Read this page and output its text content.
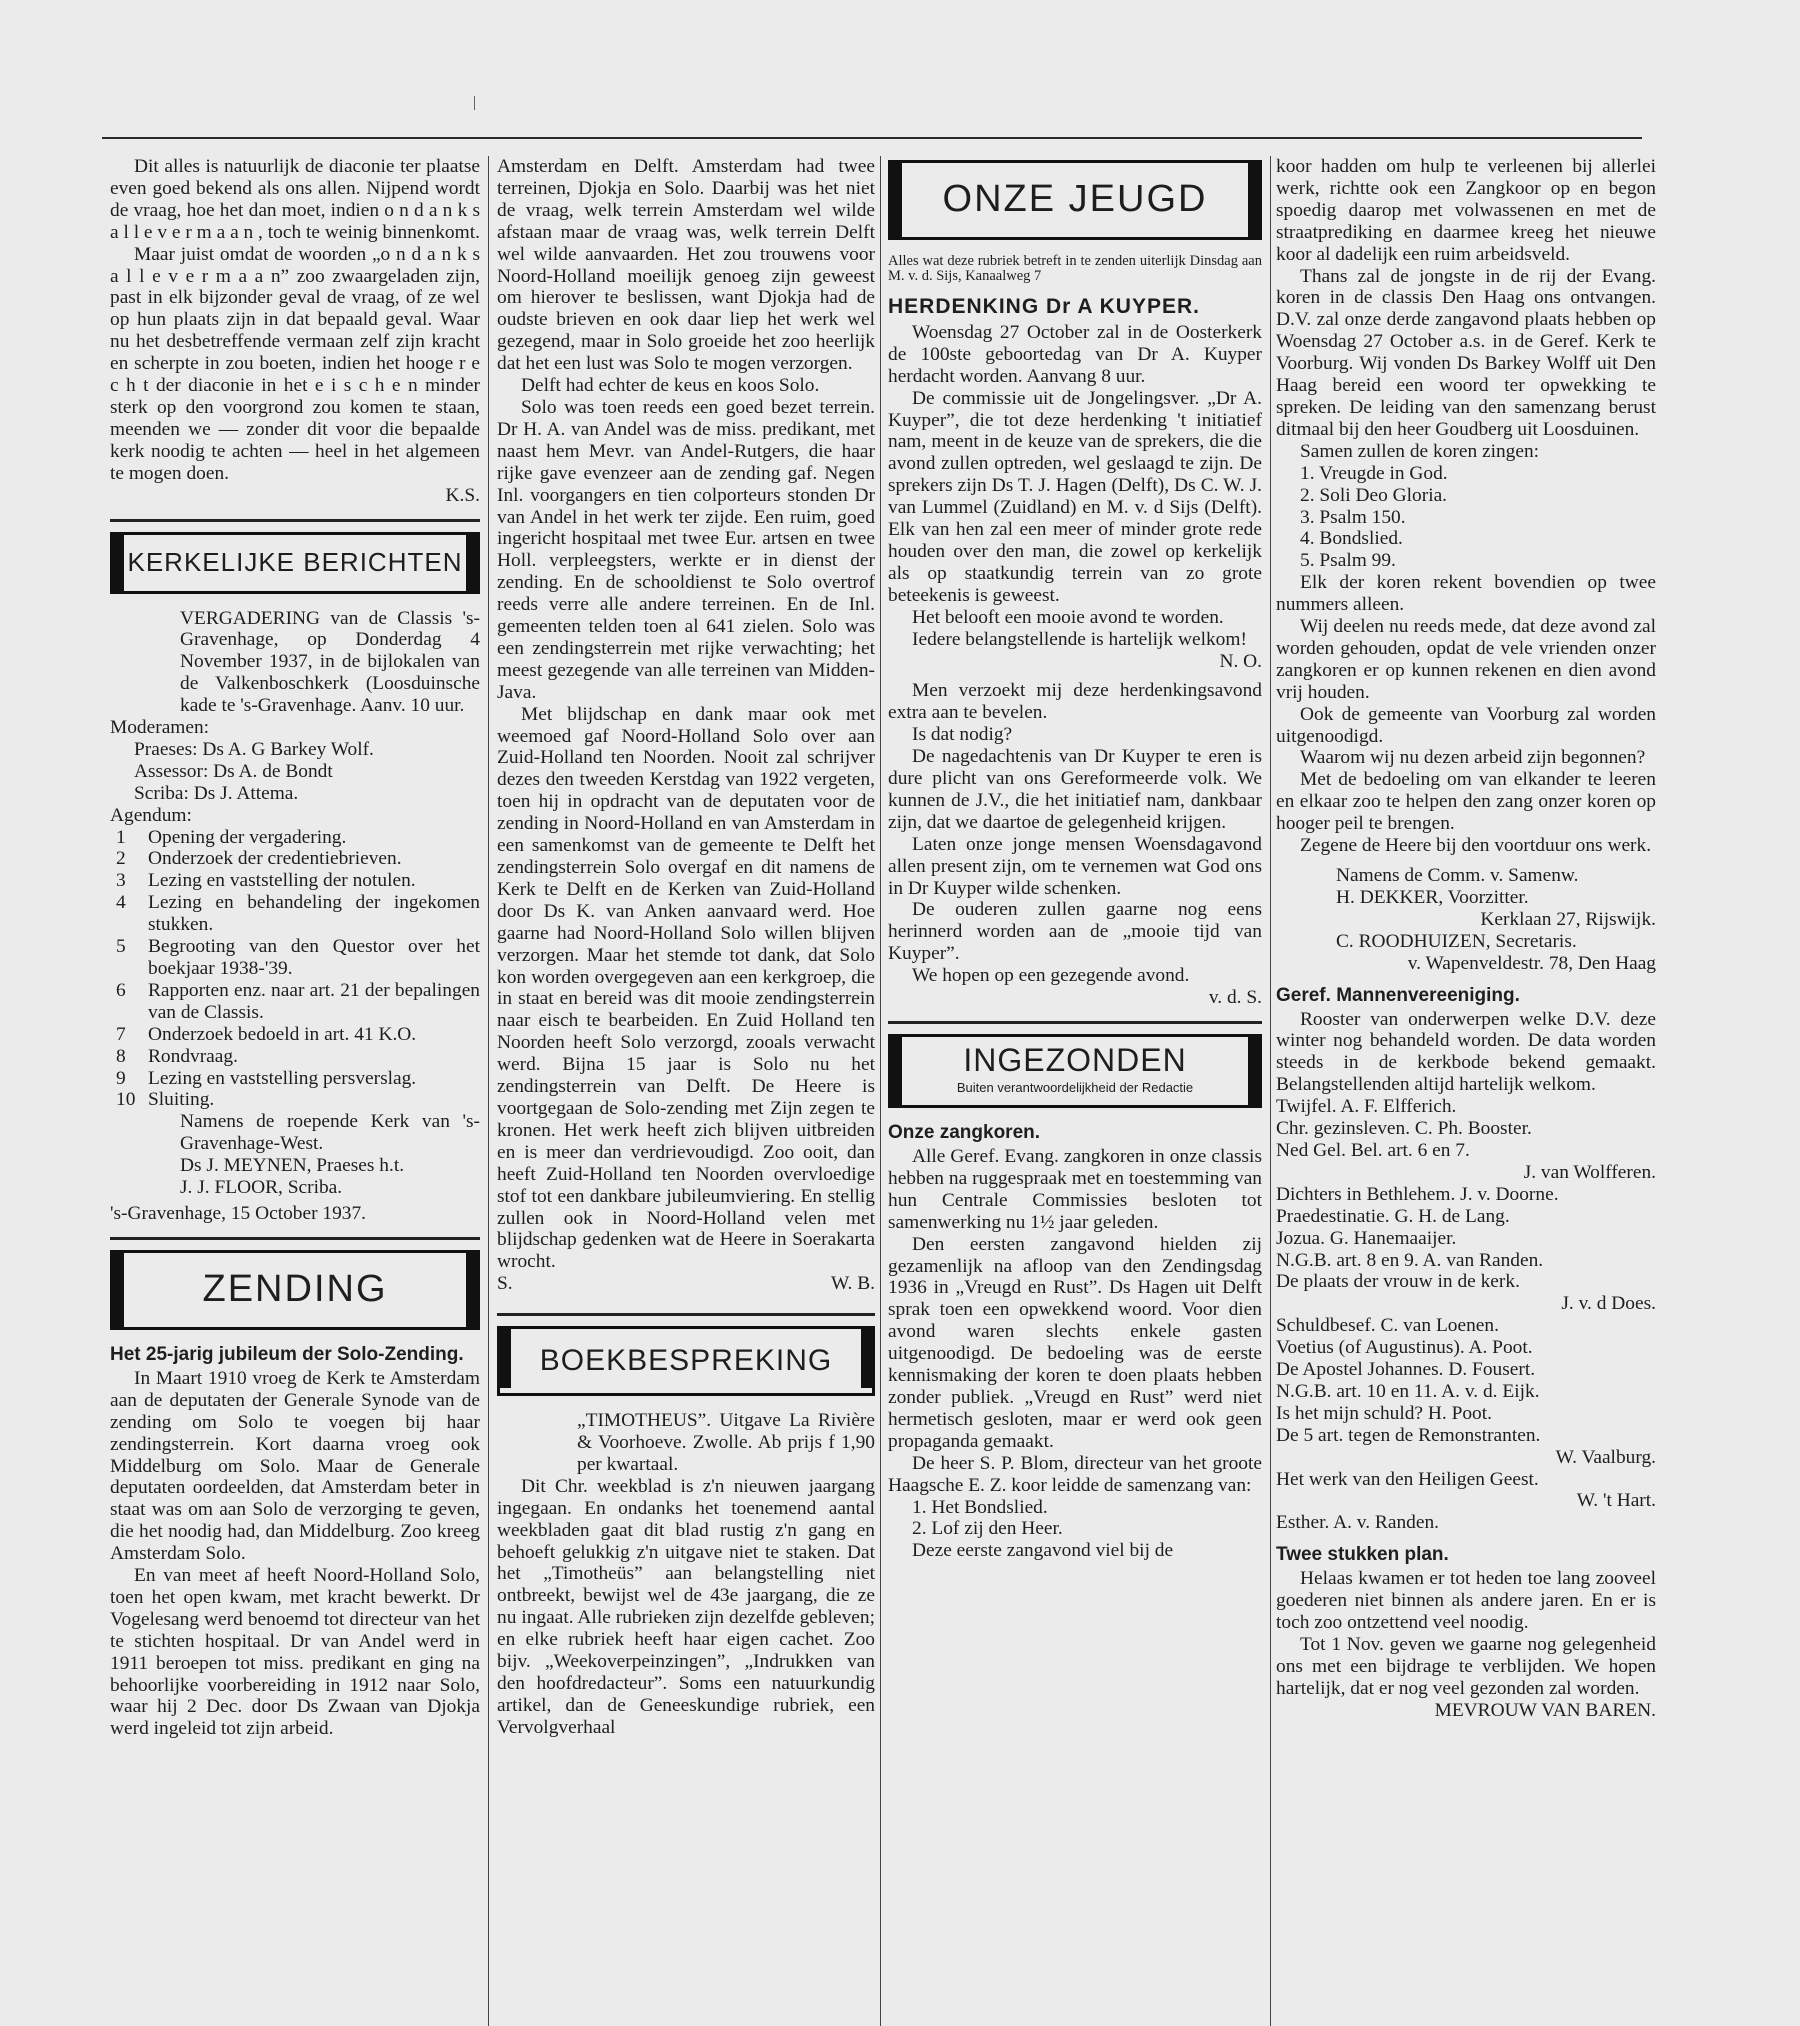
Dit alles is natuurlijk de diaconie ter plaatse even goed bekend als ons allen. Nijpend wordt de vraag, hoe het dan moet, indien o n d a n k s a l l e v e r m a a n , toch te weinig binnenkomt.

Maar juist omdat de woorden „o n d a n k s a l l e v e r m a a n” zoo zwaargeladen zijn, past in elk bijzonder geval de vraag, of ze wel op hun plaats zijn in dat bepaald geval. Waar nu het desbetreffende vermaan zelf zijn kracht en scherpte in zou boeten, indien het hooge r e c h t der diaconie in het e i s c h e n minder sterk op den voorgrond zou komen te staan, meenden we — zonder dit voor die bepaalde kerk noodig te achten — heel in het algemeen te mogen doen.

K.S.

KERKELIJKE BERICHTEN

VERGADERING van de Classis 's-Gravenhage, op Donderdag 4 November 1937, in de bijlokalen van de Valkenboschkerk (Loosduinsche kade te 's-Gravenhage. Aanv. 10 uur.

Moderamen:

Praeses: Ds A. G Barkey Wolf.

Assessor: Ds A. de Bondt

Scriba: Ds J. Attema.

Agendum:

1	Opening der vergadering.
2	Onderzoek der credentiebrieven.
3	Lezing en vaststelling der notulen.
4	Lezing en behandeling der ingekomen stukken.
5	Begrooting van den Questor over het boekjaar 1938-'39.
6	Rapporten enz. naar art. 21 der bepalingen van de Classis.
7	Onderzoek bedoeld in art. 41 K.O.
8	Rondvraag.
9	Lezing en vaststelling persverslag.
10 Sluiting.

Namens de roepende Kerk van 's-Gravenhage-West.

Ds J. MEYNEN, Praeses h.t.

J. J. FLOOR, Scriba.

's-Gravenhage, 15 October 1937.

ZENDING
Het 25-jarig jubileum der Solo-Zending.

In Maart 1910 vroeg de Kerk te Amsterdam aan de deputaten der Generale Synode van de zending om Solo te voegen bij haar zendingsterrein. Kort daarna vroeg ook Middelburg om Solo. Maar de Generale deputaten oordeelden, dat Amsterdam beter in staat was om aan Solo de verzorging te geven, die het noodig had, dan Middelburg. Zoo kreeg Amsterdam Solo.

En van meet af heeft Noord-Holland Solo, toen het open kwam, met kracht bewerkt. Dr Vogelesang werd benoemd tot directeur van het te stichten hospitaal. Dr van Andel werd in 1911 beroepen tot miss. predikant en ging na behoorlijke voorbereiding in 1912 naar Solo, waar hij 2 Dec. door Ds Zwaan van Djokja werd ingeleid tot zijn arbeid.

Amsterdam en Delft. Amsterdam had twee terreinen, Djokja en Solo. Daarbij was het niet de vraag, welk terrein Amsterdam wel wilde afstaan maar de vraag was, welk terrein Delft wel wilde aanvaarden. Het zou trouwens voor Noord-Holland moeilijk genoeg zijn geweest om hierover te beslissen, want Djokja had de oudste brieven en ook daar liep het werk wel gezegend, maar in Solo groeide het zoo heerlijk dat het een lust was Solo te mogen verzorgen.

Delft had echter de keus en koos Solo.

Solo was toen reeds een goed bezet terrein. Dr H. A. van Andel was de miss. predikant, met naast hem Mevr. van Andel-Rutgers, die haar rijke gave evenzeer aan de zending gaf. Negen Inl. voorgangers en tien colporteurs stonden Dr van Andel in het werk ter zijde. Een ruim, goed ingericht hospitaal met twee Eur. artsen en twee Holl. verpleegsters, werkte er in dienst der zending. En de schooldienst te Solo overtrof reeds verre alle andere terreinen. En de Inl. gemeenten telden toen al 641 zielen. Solo was een zendingsterrein met rijke verwachting; het meest gezegende van alle terreinen van Midden-Java.

Met blijdschap en dank maar ook met weemoed gaf Noord-Holland Solo over aan Zuid-Holland ten Noorden. Nooit zal schrijver dezes den tweeden Kerstdag van 1922 vergeten, toen hij in opdracht van de deputaten voor de zending in Noord-Holland en van Amsterdam in een samenkomst van de gemeente te Delft het zendingsterrein Solo overgaf en dit namens de Kerk te Delft en de Kerken van Zuid-Holland door Ds K. van Anken aanvaard werd. Hoe gaarne had Noord-Holland Solo willen blijven verzorgen. Maar het stemde tot dank, dat Solo kon worden overgegeven aan een kerkgroep, die in staat en bereid was dit mooie zendingsterrein naar eisch te bearbeiden. En Zuid Holland ten Noorden heeft Solo verzorgd, zooals verwacht werd. Bijna 15 jaar is Solo nu het zendingsterrein van Delft. De Heere is voortgegaan de Solo-zending met Zijn zegen te kronen. Het werk heeft zich blijven uitbreiden en is meer dan verdrievoudigd. Zoo ooit, dan heeft Zuid-Holland ten Noorden overvloedige stof tot een dankbare jubileumviering. En stellig zullen ook in Noord-Holland velen met blijdschap gedenken wat de Heere in Soerakarta wrocht.

S.	W. B.
BOEKBESPREKING

„TIMOTHEUS”. Uitgave La Rivière & Voorhoeve. Zwolle. Ab prijs f 1,90 per kwartaal.

Dit Chr. weekblad is z'n nieuwen jaargang ingegaan. En ondanks het toenemend aantal weekbladen gaat dit blad rustig z'n gang en behoeft gelukkig z'n uitgave niet te staken. Dat het „Timotheüs” aan belangstelling niet ontbreekt, bewijst wel de 43e jaargang, die ze nu ingaat. Alle rubrieken zijn dezelfde gebleven; en elke rubriek heeft haar eigen cachet. Zoo bijv. „Weekoverpeinzingen”, „Indrukken van den hoofdredacteur”. Soms een natuurkundig artikel, dan de Geneeskundige rubriek, een Vervolgverhaal

ONZE JEUGD

Alles wat deze rubriek betreft in te zenden uiterlijk Dinsdag aan M. v. d. Sijs, Kanaalweg 7

HERDENKING Dr A KUYPER.

Woensdag 27 October zal in de Oosterkerk de 100ste geboortedag van Dr A. Kuyper herdacht worden. Aanvang 8 uur.

De commissie uit de Jongelingsver. „Dr A. Kuyper”, die tot deze herdenking 't initiatief nam, meent in de keuze van de sprekers, die die avond zullen optreden, wel geslaagd te zijn. De sprekers zijn Ds T. J. Hagen (Delft), Ds C. W. J. van Lummel (Zuidland) en M. v. d Sijs (Delft). Elk van hen zal een meer of minder grote rede houden over den man, die zowel op kerkelijk als op staatkundig terrein van zo grote beteekenis is geweest.

Het belooft een mooie avond te worden.

Iedere belangstellende is hartelijk welkom!

N. O.

Men verzoekt mij deze herdenkingsavond extra aan te bevelen.

Is dat nodig?

De nagedachtenis van Dr Kuyper te eren is dure plicht van ons Gereformeerde volk. We kunnen de J.V., die het initiatief nam, dankbaar zijn, dat we daartoe de gelegenheid krijgen.

Laten onze jonge mensen Woensdagavond allen present zijn, om te vernemen wat God ons in Dr Kuyper wilde schenken.

De ouderen zullen gaarne nog eens herinnerd worden aan de „mooie tijd van Kuyper”.

We hopen op een gezegende avond.

v. d. S.

INGEZONDEN
Buiten verantwoordelijkheid der Redactie
Onze zangkoren.

Alle Geref. Evang. zangkoren in onze classis hebben na ruggespraak met en toestemming van hun Centrale Commissies besloten tot samenwerking nu 1½ jaar geleden.

Den eersten zangavond hielden zij gezamenlijk na afloop van den Zendingsdag 1936 in „Vreugd en Rust”. Ds Hagen uit Delft sprak toen een opwekkend woord. Voor dien avond waren slechts enkele gasten uitgenoodigd. De bedoeling was de eerste kennismaking der koren te doen plaats hebben zonder publiek. „Vreugd en Rust” werd niet hermetisch gesloten, maar er werd ook geen propaganda gemaakt.

De heer S. P. Blom, directeur van het groote Haagsche E. Z. koor leidde de samenzang van:

1. Het Bondslied.

2. Lof zij den Heer.

Deze eerste zangavond viel bij de

koor hadden om hulp te verleenen bij allerlei werk, richtte ook een Zangkoor op en begon spoedig daarop met volwassenen en met de straatprediking en daarmee kreeg het nieuwe koor al dadelijk een ruim arbeidsveld.

Thans zal de jongste in de rij der Evang. koren in de classis Den Haag ons ontvangen. D.V. zal onze derde zangavond plaats hebben op Woensdag 27 October a.s. in de Geref. Kerk te Voorburg. Wij vonden Ds Barkey Wolff uit Den Haag bereid een woord ter opwekking te spreken. De leiding van den samenzang berust ditmaal bij den heer Goudberg uit Loosduinen.

Samen zullen de koren zingen:

1. Vreugde in God.

2. Soli Deo Gloria.

3. Psalm 150.

4. Bondslied.

5. Psalm 99.

Elk der koren rekent bovendien op twee nummers alleen.

Wij deelen nu reeds mede, dat deze avond zal worden gehouden, opdat de vele vrienden onzer zangkoren er op kunnen rekenen en dien avond vrij houden.

Ook de gemeente van Voorburg zal worden uitgenoodigd.

Waarom wij nu dezen arbeid zijn begonnen?

Met de bedoeling om van elkander te leeren en elkaar zoo te helpen den zang onzer koren op hooger peil te brengen.

Zegene de Heere bij den voortduur ons werk.

Namens de Comm. v. Samenw.

H. DEKKER, Voorzitter.

Kerklaan 27, Rijswijk.

C. ROODHUIZEN, Secretaris.

v. Wapenveldestr. 78, Den Haag

Geref. Mannenvereeniging.

Rooster van onderwerpen welke D.V. deze winter nog behandeld worden. De data worden steeds in de kerkbode bekend gemaakt. Belangstellenden altijd hartelijk welkom.

Twijfel. A. F. Elfferich.

Chr. gezinsleven. C. Ph. Booster.

Ned Gel. Bel. art. 6 en 7.

J. van Wolfferen.

Dichters in Bethlehem. J. v. Doorne.

Praedestinatie. G. H. de Lang.

Jozua. G. Hanemaaijer.

N.G.B. art. 8 en 9. A. van Randen.

De plaats der vrouw in de kerk.

J. v. d Does.

Schuldbesef. C. van Loenen.

Voetius (of Augustinus). A. Poot.

De Apostel Johannes. D. Fousert.

N.G.B. art. 10 en 11. A. v. d. Eijk.

Is het mijn schuld? H. Poot.

De 5 art. tegen de Remonstranten.

W. Vaalburg.

Het werk van den Heiligen Geest.

W. 't Hart.

Esther. A. v. Randen.

Twee stukken plan.

Helaas kwamen er tot heden toe lang zooveel goederen niet binnen als andere jaren. En er is toch zoo ontzettend veel noodig.

Tot 1 Nov. geven we gaarne nog gelegenheid ons met een bijdrage te verblijden. We hopen hartelijk, dat er nog veel gezonden zal worden.

MEVROUW VAN BAREN.
